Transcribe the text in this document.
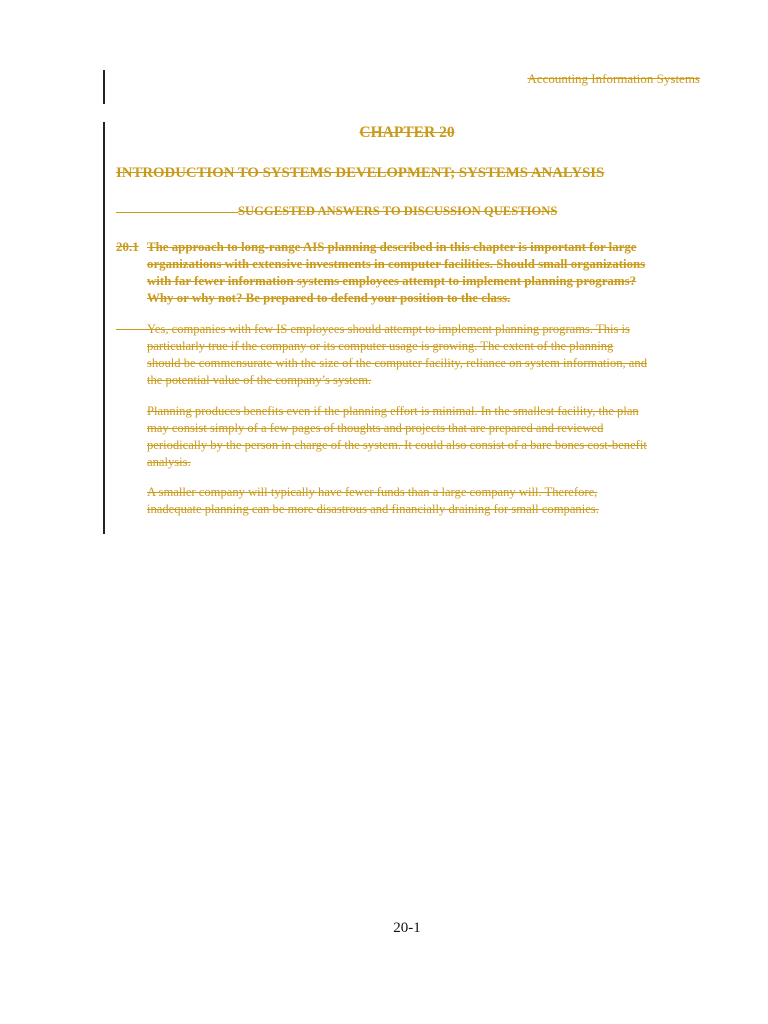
Accounting Information Systems
CHAPTER 20
INTRODUCTION TO SYSTEMS DEVELOPMENT; SYSTEMS ANALYSIS
SUGGESTED ANSWERS TO DISCUSSION QUESTIONS
20.1 The approach to long-range AIS planning described in this chapter is important for large
organizations with extensive investments in computer facilities. Should small organizations
with far fewer information systems employees attempt to implement planning programs?
Why or why not? Be prepared to defend your position to the class.
Yes, companies with few IS employees should attempt to implement planning programs. This is
particularly true if the company or its computer usage is growing. The extent of the planning
should be commensurate with the size of the computer facility, reliance on system information, and
the potential value of the company’s system.
Planning produces benefits even if the planning effort is minimal. In the smallest facility, the plan
may consist simply of a few pages of thoughts and projects that are prepared and reviewed
periodically by the person in charge of the system. It could also consist of a bare bones cost-benefit
analysis.
A smaller company will typically have fewer funds than a large company will. Therefore,
inadequate planning can be more disastrous and financially draining for small companies.
20-1
